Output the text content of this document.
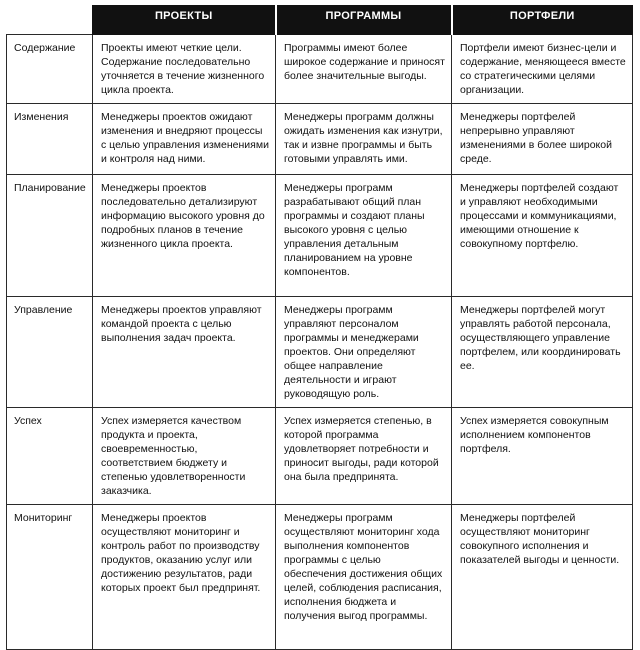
	ПРОЕКТЫ	ПРОГРАММЫ	ПОРТФЕЛИ
Содержание	Проекты имеют четкие цели. Содержание последовательно уточняется в течение жизненного цикла проекта.	Программы имеют более широкое содержание и приносят более значительные выгоды.	Портфели имеют бизнес-цели и содержание, меняющееся вместе со стратегическими целями организации.
Изменения	Менеджеры проектов ожидают изменения и внедряют процессы с целью управления изменениями и контроля над ними.	Менеджеры программ должны ожидать изменения как изнутри, так и извне программы и быть готовыми управлять ими.	Менеджеры портфелей непрерывно управляют изменениями в более широкой среде.
Планирование	Менеджеры проектов последовательно детализируют информацию высокого уровня до подробных планов в течение жизненного цикла проекта.	Менеджеры программ разрабатывают общий план программы и создают планы высокого уровня с целью управления детальным планированием на уровне компонентов.	Менеджеры портфелей создают и управляют необходимыми процессами и коммуникациями, имеющими отношение к совокупному портфелю.
Управление	Менеджеры проектов управляют командой проекта с целью выполнения задач проекта.	Менеджеры программ управляют персоналом программы и менеджерами проектов. Они определяют общее направление деятельности и играют руководящую роль.	Менеджеры портфелей могут управлять работой персонала, осуществляющего управление портфелем, или координировать ее.
Успех	Успех измеряется качеством продукта и проекта, своевременностью, соответствием бюджету и степенью удовлетворенности заказчика.	Успех измеряется степенью, в которой программа удовлетворяет потребности и приносит выгоды, ради которой она была предпринята.	Успех измеряется совокупным исполнением компонентов портфеля.
Мониторинг	Менеджеры проектов осуществляют мониторинг и контроль работ по производству продуктов, оказанию услуг или достижению результатов, ради которых проект был предпринят.	Менеджеры программ осуществляют мониторинг хода выполнения компонентов программы с целью обеспечения достижения общих целей, соблюдения расписания, исполнения бюджета и получения выгод программы.	Менеджеры портфелей осуществляют мониторинг совокупного исполнения и показателей выгоды и ценности.
